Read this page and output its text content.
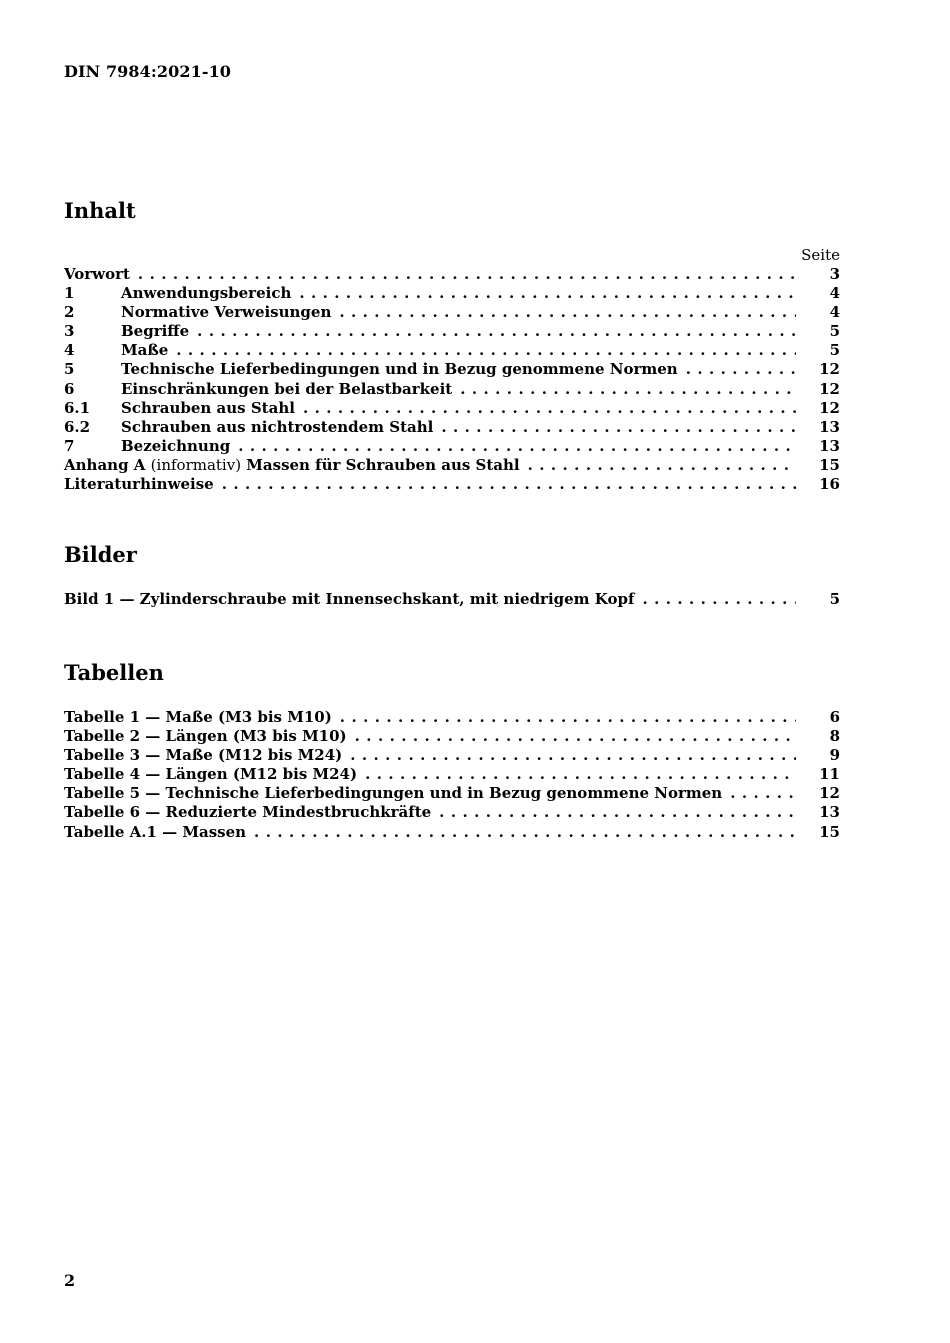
DIN 7984:2021-10
Inhalt
Seite
Vorwort . . .	3
1	Anwendungsbereich . . .	4
2	Normative Verweisungen . . .	4
3	Begriffe . . .	5
4	Maße . . .	5
5	Technische Lieferbedingungen und in Bezug genommene Normen . . .	12
6	Einschränkungen bei der Belastbarkeit . . .	12
6.1	Schrauben aus Stahl . . .	12
6.2	Schrauben aus nichtrostendem Stahl . . .	13
7	Bezeichnung . . .	13
Anhang A (informativ) Massen für Schrauben aus Stahl . . .	15
Literaturhinweise . . .	16
Bilder
Bild 1 — Zylinderschraube mit Innensechskant, mit niedrigem Kopf . . .	5
Tabellen
Tabelle 1 — Maße (M3 bis M10) . . .	6
Tabelle 2 — Längen (M3 bis M10) . . .	8
Tabelle 3 — Maße (M12 bis M24) . . .	9
Tabelle 4 — Längen (M12 bis M24) . . .	11
Tabelle 5 — Technische Lieferbedingungen und in Bezug genommene Normen . . .	12
Tabelle 6 — Reduzierte Mindestbruchkräfte . . .	13
Tabelle A.1 — Massen . . .	15
2
